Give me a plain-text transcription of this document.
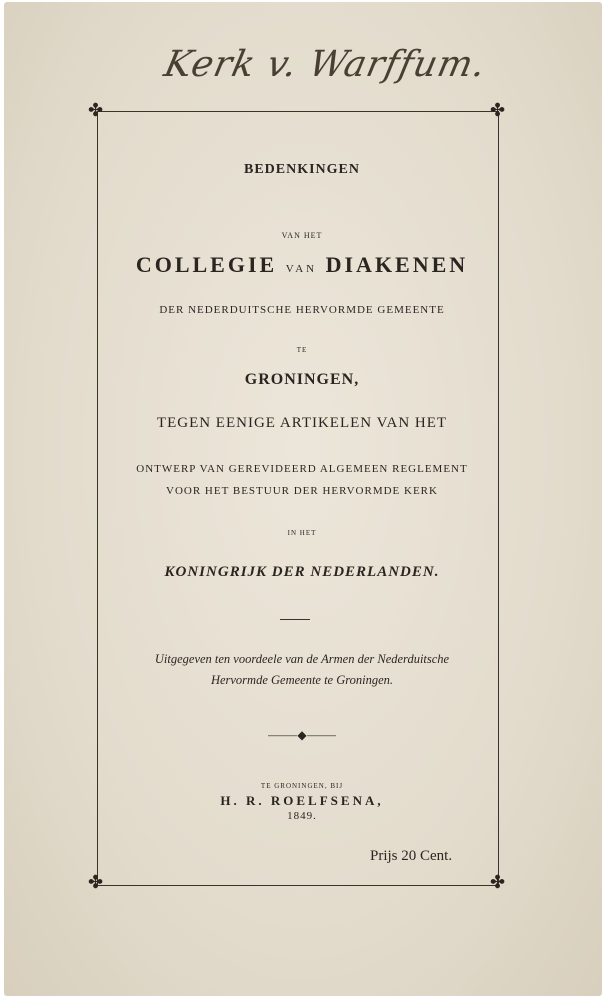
Kerk v. Warffum.
✤	✤
✤	✤
BEDENKINGEN
VAN HET
COLLEGIE VAN DIAKENEN
DER NEDERDUITSCHE HERVORMDE GEMEENTE
TE
GRONINGEN,
TEGEN EENIGE ARTIKELEN VAN HET
ONTWERP VAN GEREVIDEERD ALGEMEEN REGLEMENT
VOOR HET BESTUUR DER HERVORMDE KERK
IN HET
KONINGRIJK DER NEDERLANDEN.
Uitgegeven ten voordeele van de Armen der Nederduitsche
Hervormde Gemeente te Groningen.
⸻◆⸻
TE GRONINGEN, BIJ
H. R. ROELFSENA,
1849.
Prijs 20 Cent.
